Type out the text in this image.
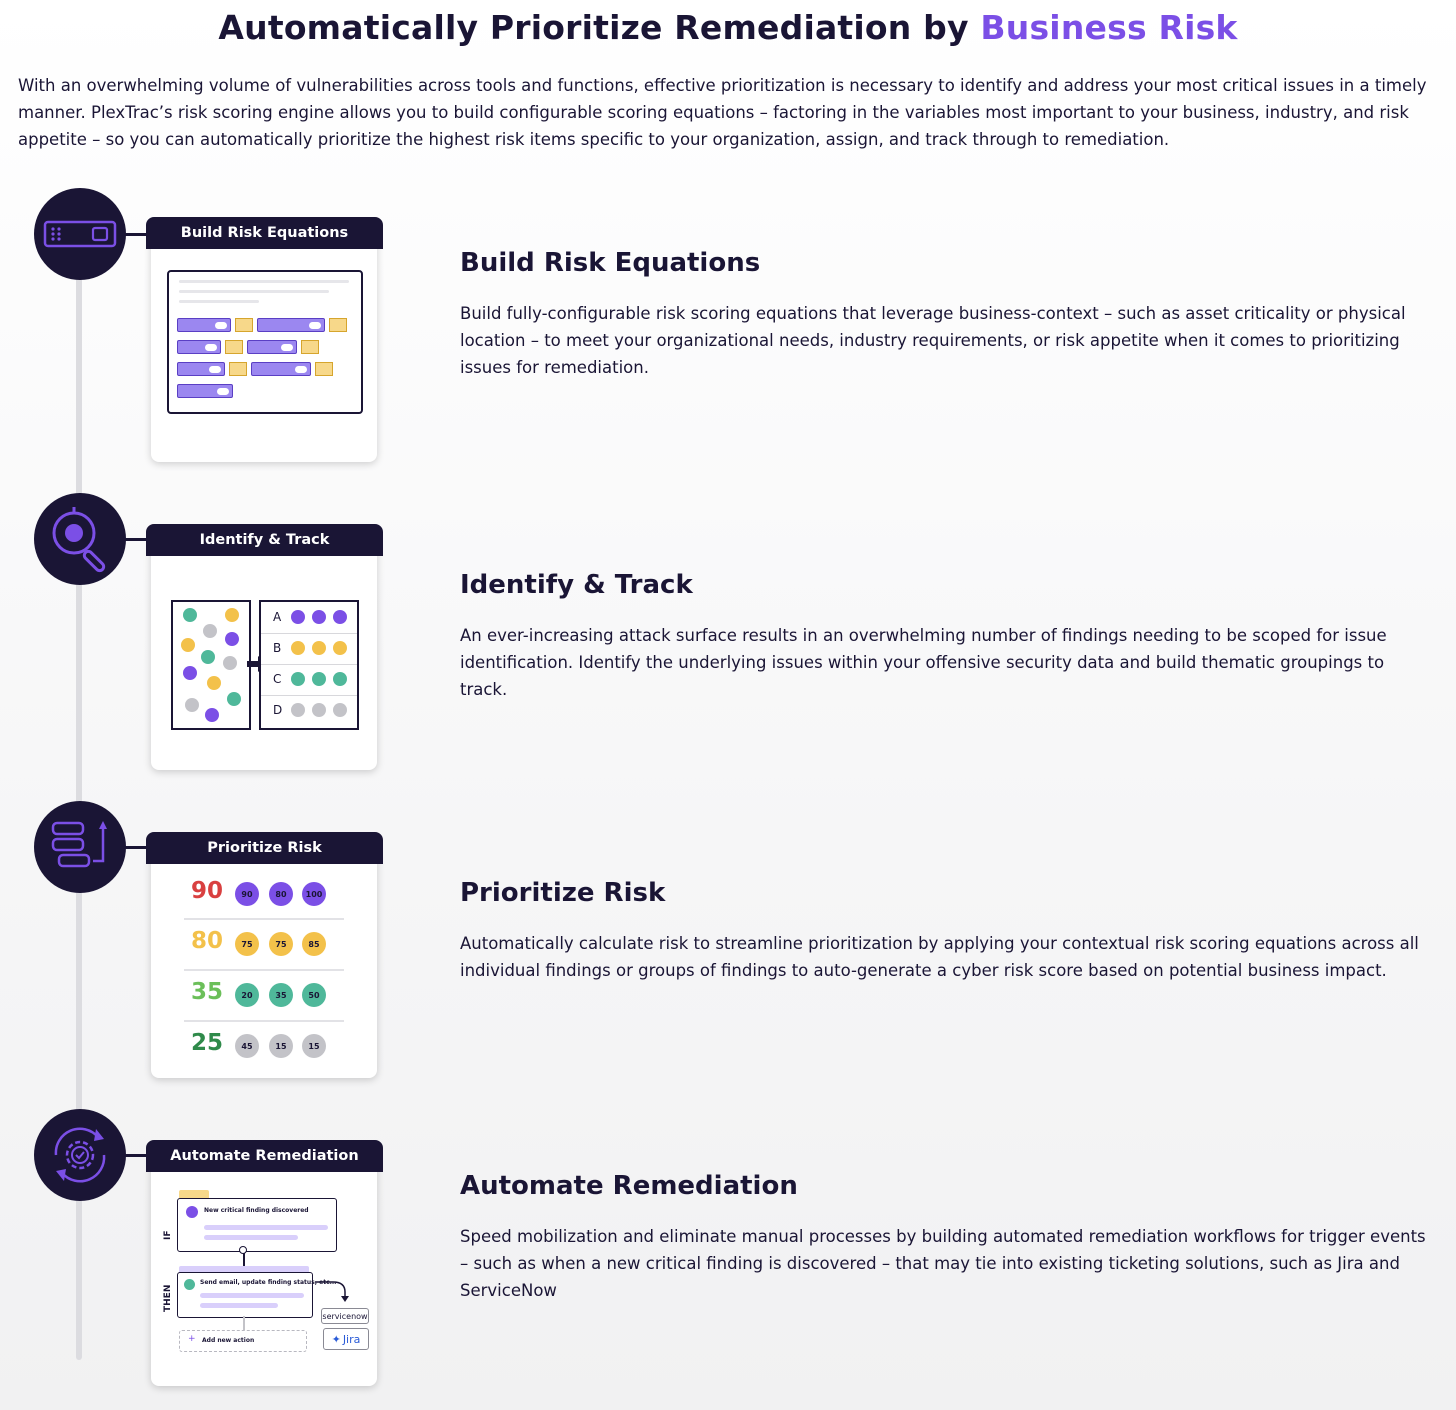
Automatically Prioritize Remediation by Business Risk

With an overwhelming volume of vulnerabilities across tools and functions, effective prioritization is necessary to identify and address your most critical issues in a timely manner. PlexTrac’s risk scoring engine allows you to build configurable scoring equations – factoring in the variables most important to your business, industry, and risk appetite – so you can automatically prioritize the highest risk items specific to your organization, assign, and track through to remediation.

Build Risk Equations
Build Risk Equations

Build fully-configurable risk scoring equations that leverage business-context – such as asset criticality or physical location – to meet your organizational needs, industry requirements, or risk appetite when it comes to prioritizing issues for remediation.

A
B
C
D
Identify & Track
Identify & Track

An ever-increasing attack surface results in an overwhelming number of findings needing to be scoped for issue identification. Identify the underlying issues within your offensive security data and build thematic groupings to track.

90	90	80	100
80	75	75	85
35	20	35	50
25	45	15	15
Prioritize Risk
Prioritize Risk

Automatically calculate risk to streamline prioritization by applying your contextual risk scoring equations across all individual findings or groups of findings to auto-generate a cyber risk score based on potential business impact.

IF
New critical finding discovered
THEN
Send email, update finding status, etc...
servicenow
✦ Jira
+ Add new action
Automate Remediation
Automate Remediation

Speed mobilization and eliminate manual processes by building automated remediation workflows for trigger events – such as when a new critical finding is discovered – that may tie into existing ticketing solutions, such as Jira and ServiceNow
